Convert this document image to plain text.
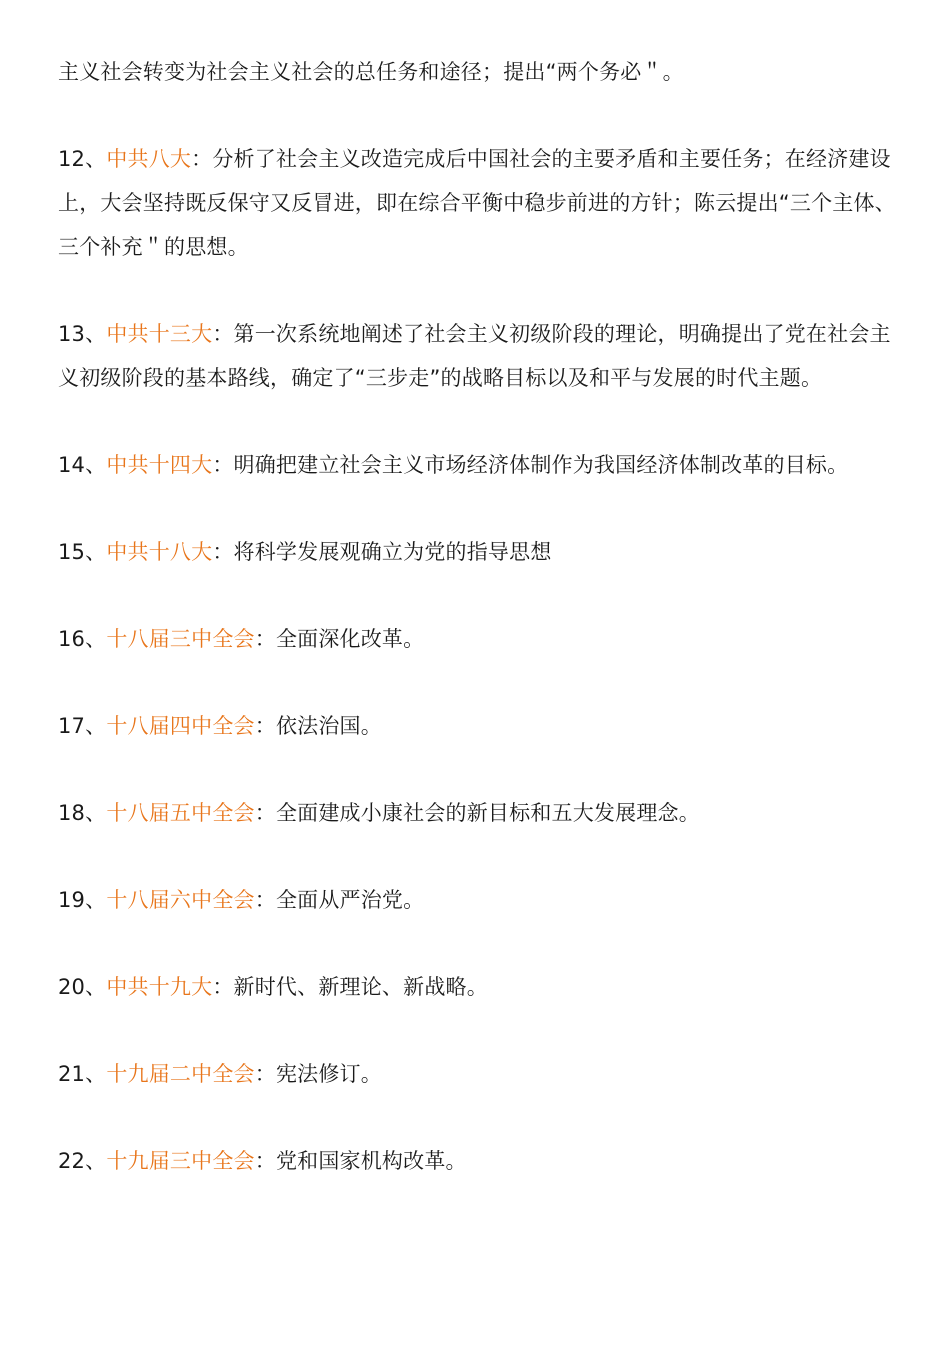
主义社会转变为社会主义社会的总任务和途径；提出“两个务必＂。

12、中共八大：分析了社会主义改造完成后中国社会的主要矛盾和主要任务；在经济建设上，大会坚持既反保守又反冒进，即在综合平衡中稳步前进的方针；陈云提出“三个主体、三个补充＂的思想。

13、中共十三大：第一次系统地阐述了社会主义初级阶段的理论，明确提出了党在社会主义初级阶段的基本路线，确定了“三步走”的战略目标以及和平与发展的时代主题。

14、中共十四大：明确把建立社会主义市场经济体制作为我国经济体制改革的目标。

15、中共十八大：将科学发展观确立为党的指导思想

16、十八届三中全会：全面深化改革。

17、十八届四中全会：依法治国。

18、十八届五中全会：全面建成小康社会的新目标和五大发展理念。

19、十八届六中全会：全面从严治党。

20、中共十九大：新时代、新理论、新战略。

21、十九届二中全会：宪法修订。

22、十九届三中全会：党和国家机构改革。
